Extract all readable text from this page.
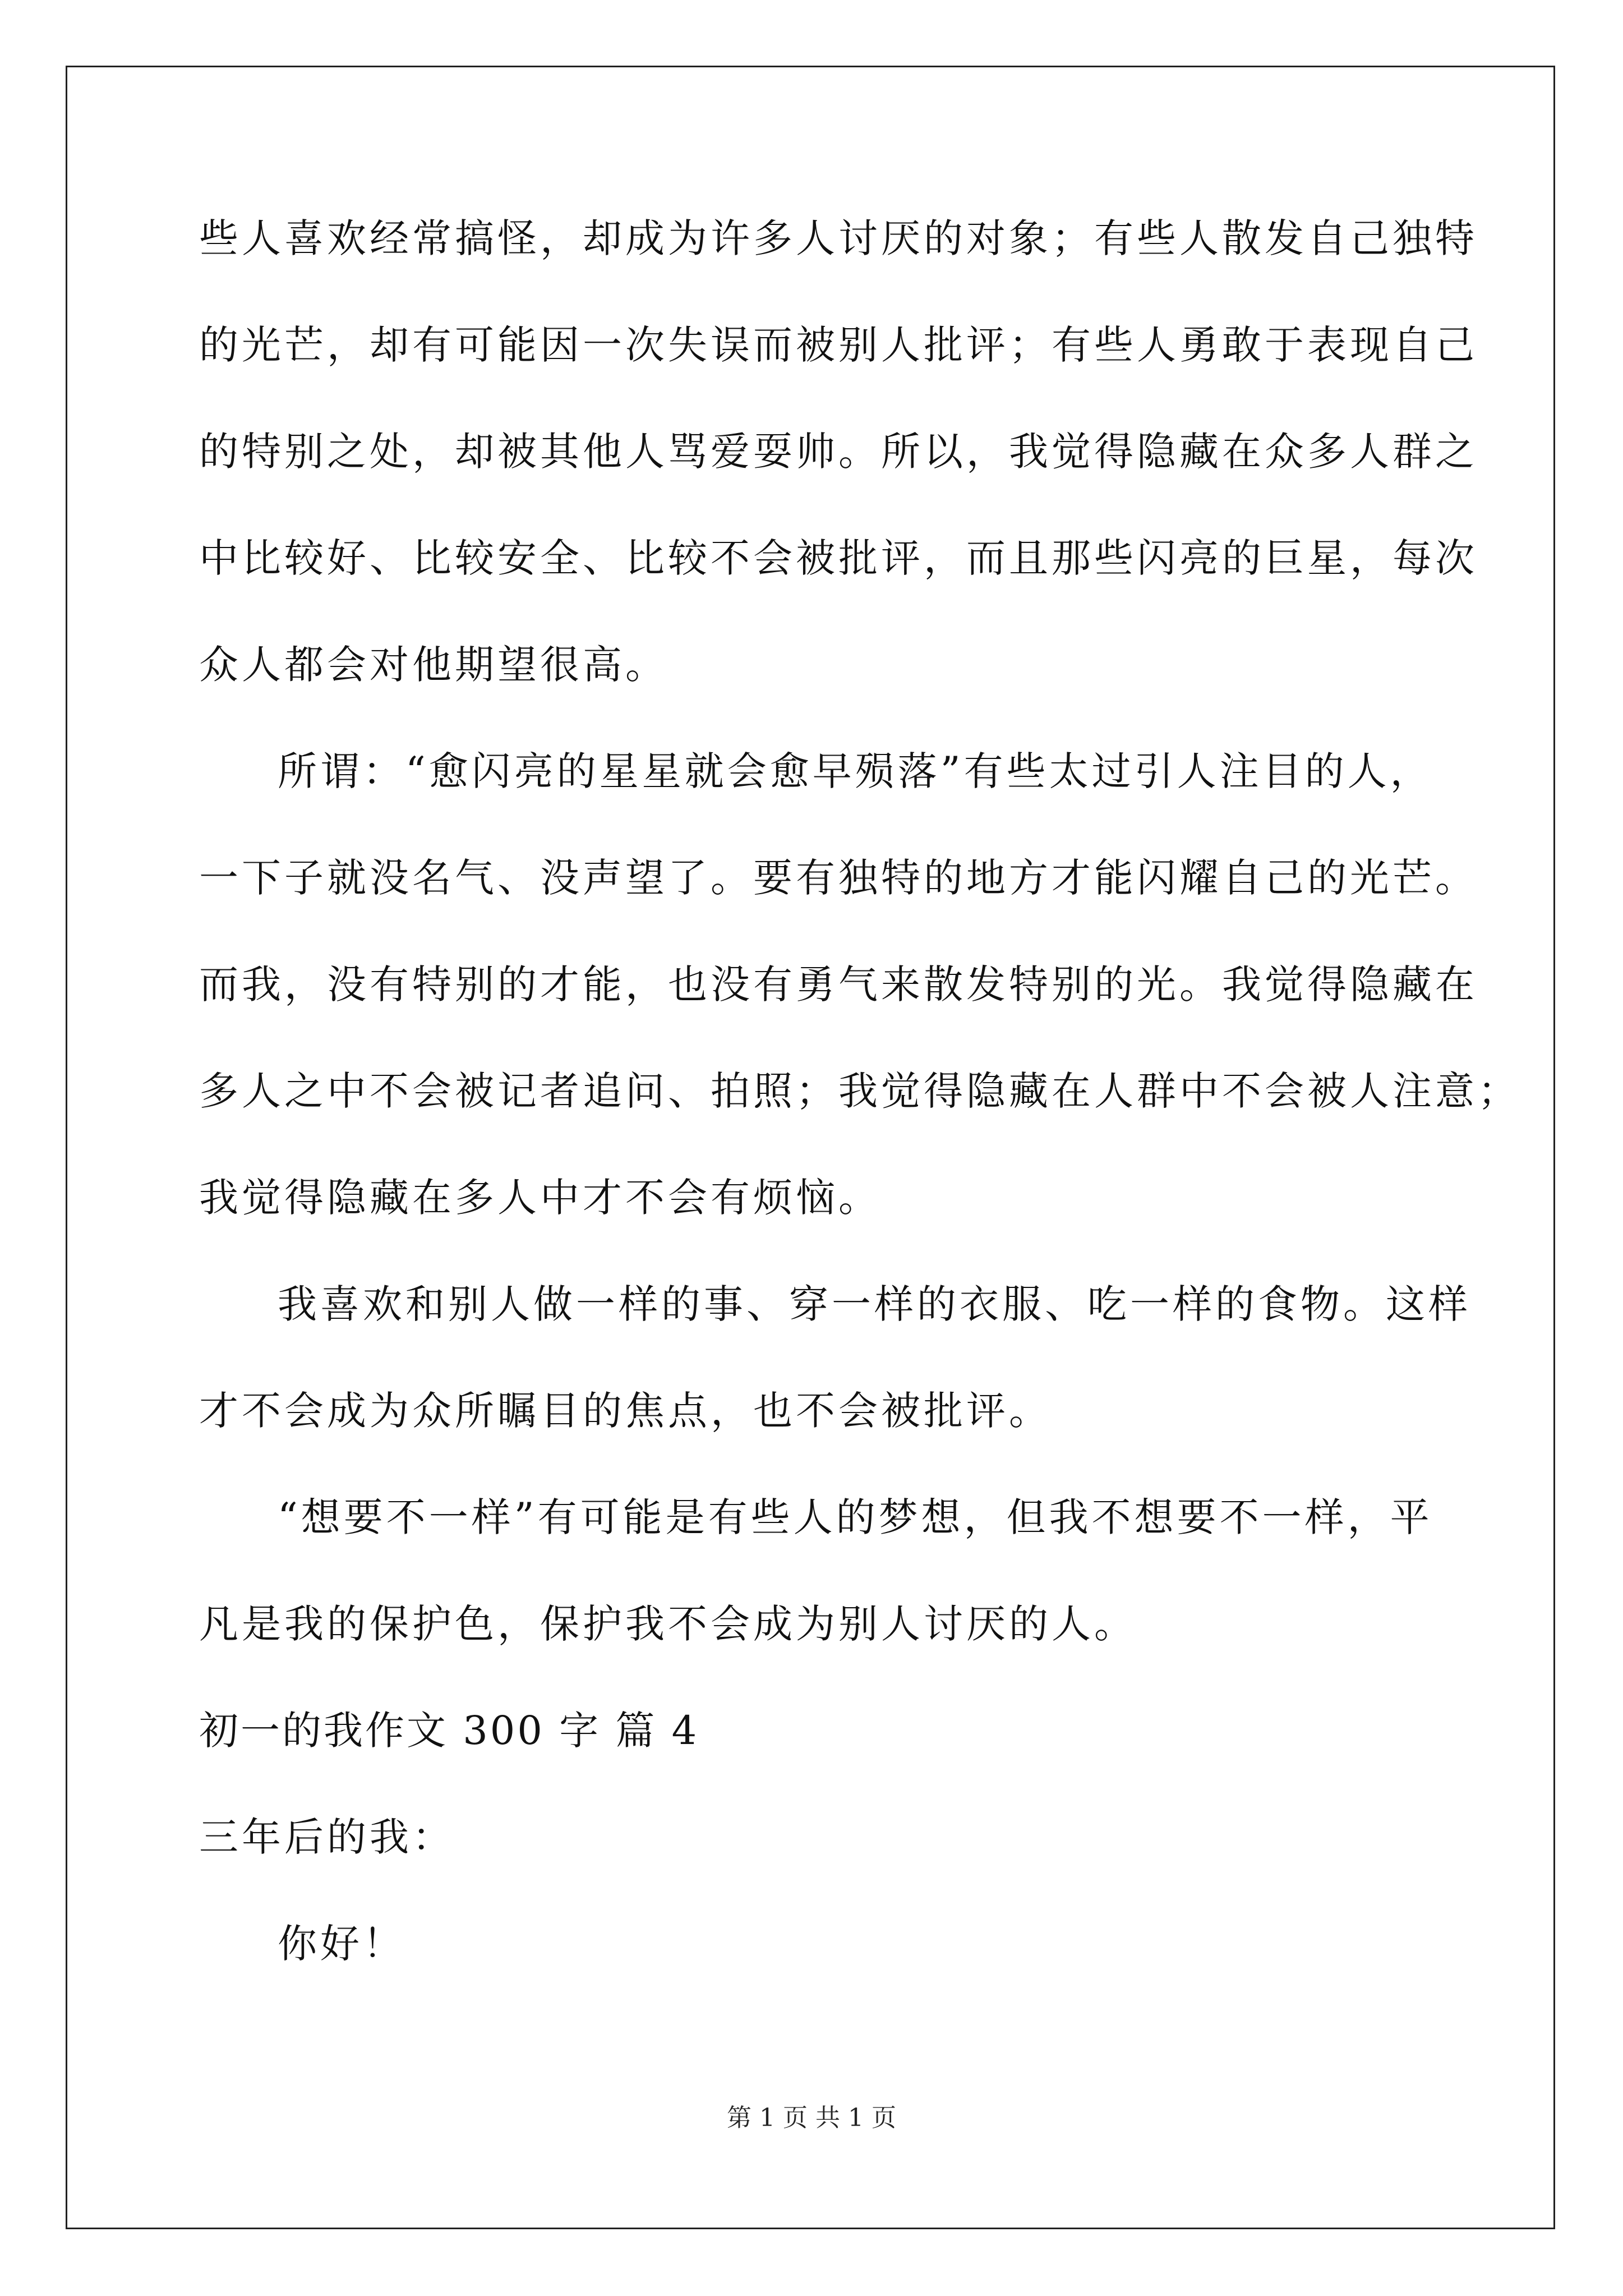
些人喜欢经常搞怪，却成为许多人讨厌的对象；有些人散发自己独特

的光芒，却有可能因一次失误而被别人批评；有些人勇敢于表现自己

的特别之处，却被其他人骂爱耍帅。所以，我觉得隐藏在众多人群之

中比较好、比较安全、比较不会被批评，而且那些闪亮的巨星，每次

众人都会对他期望很高。

所谓：“愈闪亮的星星就会愈早殒落”有些太过引人注目的人，

一下子就没名气、没声望了。要有独特的地方才能闪耀自己的光芒。

而我，没有特别的才能，也没有勇气来散发特别的光。我觉得隐藏在

多人之中不会被记者追问、拍照；我觉得隐藏在人群中不会被人注意；

我觉得隐藏在多人中才不会有烦恼。

我喜欢和别人做一样的事、穿一样的衣服、吃一样的食物。这样

才不会成为众所瞩目的焦点，也不会被批评。

“想要不一样”有可能是有些人的梦想，但我不想要不一样，平

凡是我的保护色，保护我不会成为别人讨厌的人。

初一的我作文 300 字 篇 4

三年后的我：

你好！

第 1 页 共 1 页
